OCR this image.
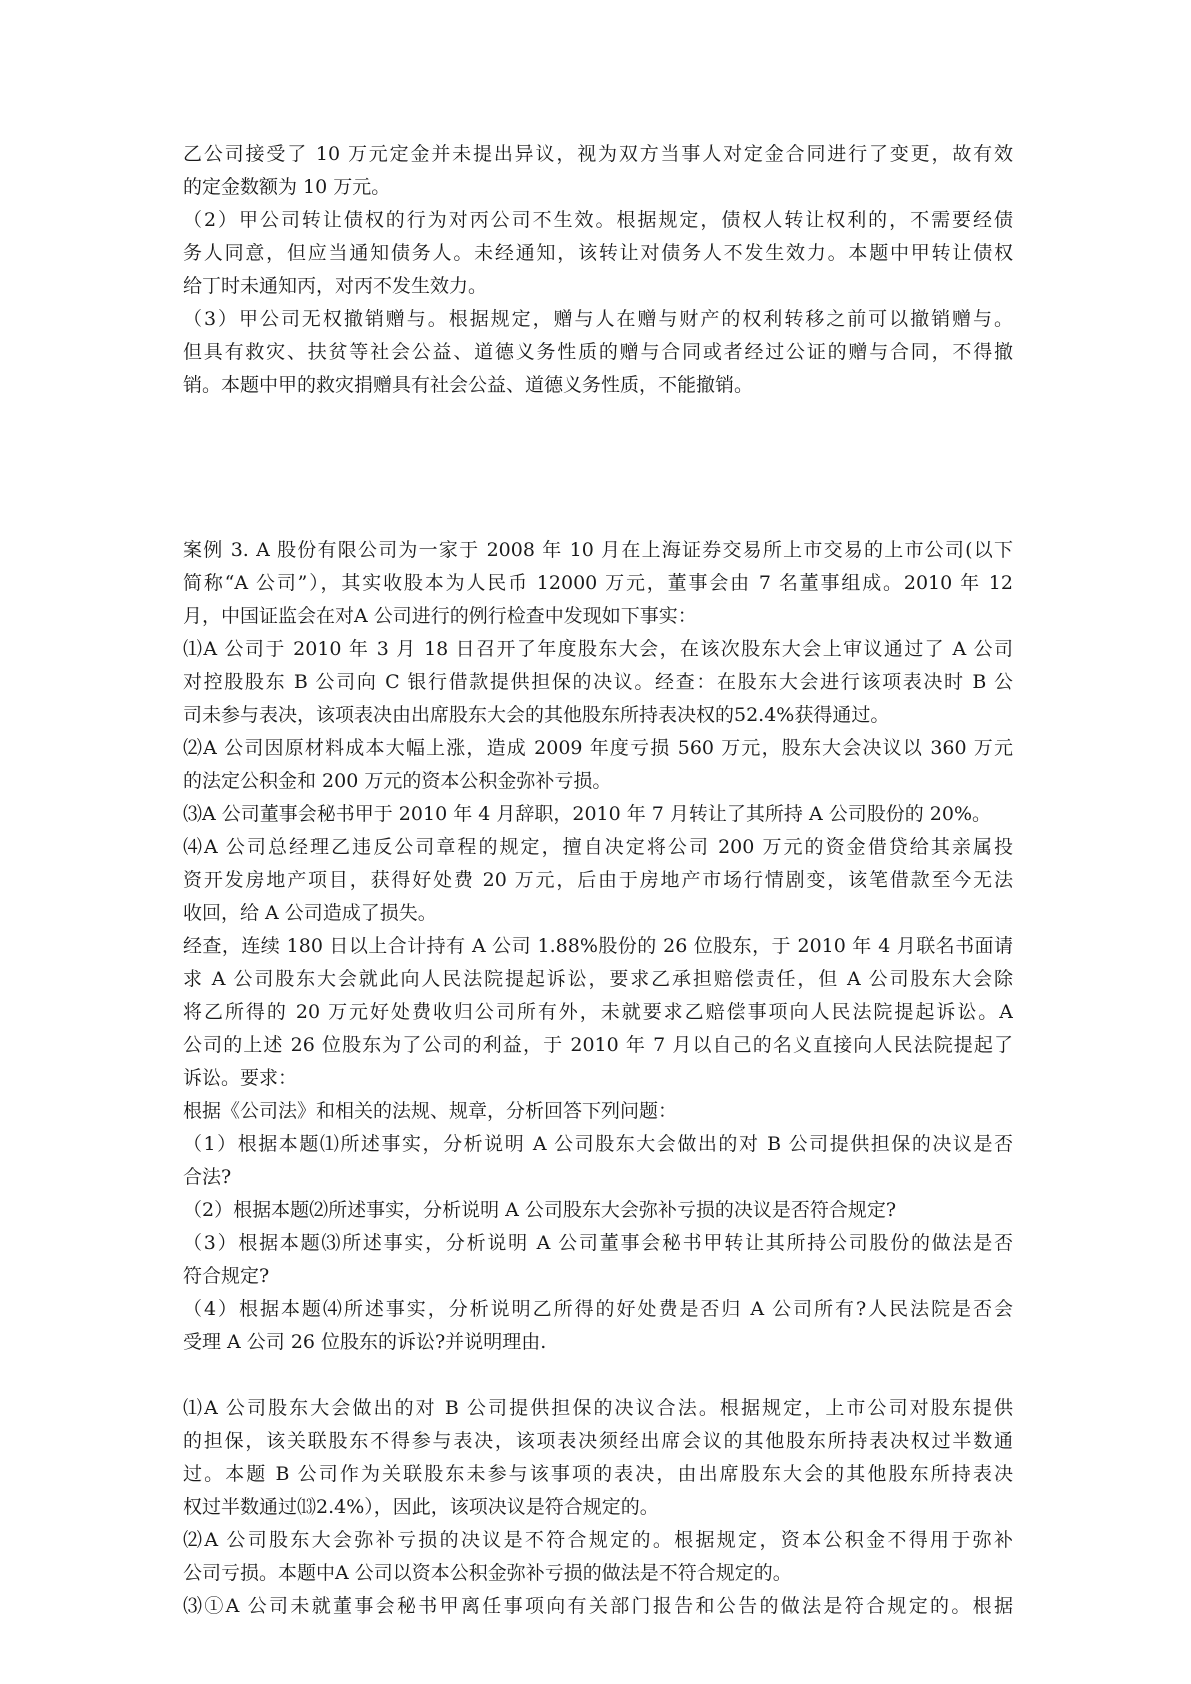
乙公司接受了 10 万元定金并未提出异议，视为双方当事人对定金合同进行了变更，故有效
的定金数额为 10 万元。
（2）甲公司转让债权的行为对丙公司不生效。根据规定，债权人转让权利的，不需要经债
务人同意，但应当通知债务人。未经通知，该转让对债务人不发生效力。本题中甲转让债权
给丁时未通知丙，对丙不发生效力。
（3）甲公司无权撤销赠与。根据规定，赠与人在赠与财产的权利转移之前可以撤销赠与。
但具有救灾、扶贫等社会公益、道德义务性质的赠与合同或者经过公证的赠与合同，不得撤
销。本题中甲的救灾捐赠具有社会公益、道德义务性质，不能撤销。
案例 3. A 股份有限公司为一家于 2008 年 10 月在上海证券交易所上市交易的上市公司(以下
简称“A 公司”），其实收股本为人民币 12000 万元，董事会由 7 名董事组成。2010 年 12
月，中国证监会在对A 公司进行的例行检查中发现如下事实：
⑴A 公司于 2010 年 3 月 18 日召开了年度股东大会，在该次股东大会上审议通过了 A 公司
对控股股东 B 公司向 C 银行借款提供担保的决议。经查：在股东大会进行该项表决时 B 公
司未参与表决，该项表决由出席股东大会的其他股东所持表决权的52.4%获得通过。
⑵A 公司因原材料成本大幅上涨，造成 2009 年度亏损 560 万元，股东大会决议以 360 万元
的法定公积金和 200 万元的资本公积金弥补亏损。
⑶A 公司董事会秘书甲于 2010 年 4 月辞职，2010 年 7 月转让了其所持 A 公司股份的 20%。
⑷A 公司总经理乙违反公司章程的规定，擅自决定将公司 200 万元的资金借贷给其亲属投
资开发房地产项目，获得好处费 20 万元，后由于房地产市场行情剧变，该笔借款至今无法
收回，给 A 公司造成了损失。
经查，连续 180 日以上合计持有 A 公司 1.88%股份的 26 位股东，于 2010 年 4 月联名书面请
求 A 公司股东大会就此向人民法院提起诉讼，要求乙承担赔偿责任，但 A 公司股东大会除
将乙所得的 20 万元好处费收归公司所有外，未就要求乙赔偿事项向人民法院提起诉讼。A
公司的上述 26 位股东为了公司的利益，于 2010 年 7 月以自己的名义直接向人民法院提起了
诉讼。要求：
根据《公司法》和相关的法规、规章，分析回答下列问题：
（1）根据本题⑴所述事实，分析说明 A 公司股东大会做出的对 B 公司提供担保的决议是否
合法?
（2）根据本题⑵所述事实，分析说明 A 公司股东大会弥补亏损的决议是否符合规定?
（3）根据本题⑶所述事实，分析说明 A 公司董事会秘书甲转让其所持公司股份的做法是否
符合规定?
（4）根据本题⑷所述事实，分析说明乙所得的好处费是否归 A 公司所有?人民法院是否会
受理 A 公司 26 位股东的诉讼?并说明理由.
⑴A 公司股东大会做出的对 B 公司提供担保的决议合法。根据规定，上市公司对股东提供
的担保，该关联股东不得参与表决，该项表决须经出席会议的其他股东所持表决权过半数通
过。本题 B 公司作为关联股东未参与该事项的表决，由出席股东大会的其他股东所持表决
权过半数通过⒀2.4%），因此，该项决议是符合规定的。
⑵A 公司股东大会弥补亏损的决议是不符合规定的。根据规定，资本公积金不得用于弥补
公司亏损。本题中A 公司以资本公积金弥补亏损的做法是不符合规定的。
⑶①A 公司未就董事会秘书甲离任事项向有关部门报告和公告的做法是符合规定的。根据
